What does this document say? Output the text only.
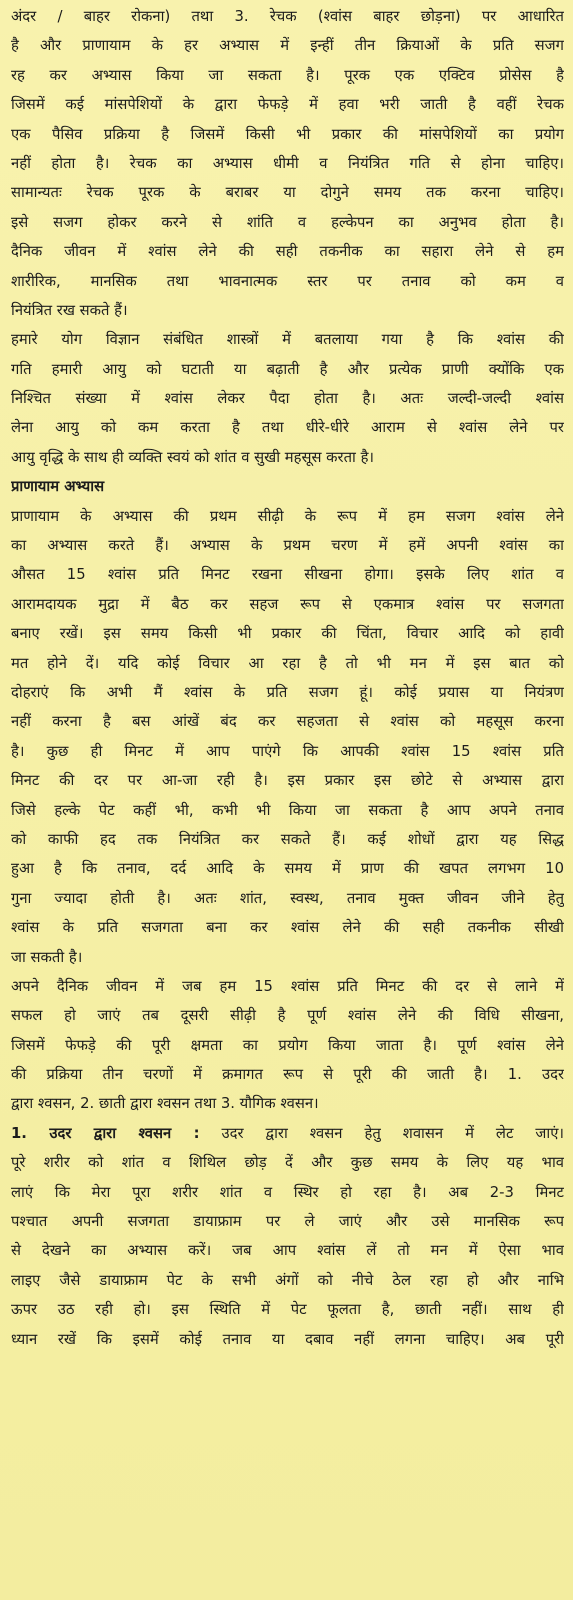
अंदर / बाहर रोकना) तथा 3. रेचक (श्वांस बाहर छोड़ना) पर आधारित
है और प्राणायाम के हर अभ्यास में इन्हीं तीन क्रियाओं के प्रति सजग
रह कर अभ्यास किया जा सकता है। पूरक एक एक्टिव प्रोसेस है
जिसमें कई मांसपेशियों के द्वारा फेफड़े में हवा भरी जाती है वहीं रेचक
एक पैसिव प्रक्रिया है जिसमें किसी भी प्रकार की मांसपेशियों का प्रयोग
नहीं होता है। रेचक का अभ्यास धीमी व नियंत्रित गति से होना चाहिए।
सामान्यतः रेचक पूरक के बराबर या दोगुने समय तक करना चाहिए।
इसे सजग होकर करने से शांति व हल्केपन का अनुभव होता है।
दैनिक जीवन में श्वांस लेने की सही तकनीक का सहारा लेने से हम
शारीरिक, मानसिक तथा भावनात्मक स्तर पर तनाव को कम व
नियंत्रित रख सकते हैं।
हमारे योग विज्ञान संबंधित शास्त्रों में बतलाया गया है कि श्वांस की
गति हमारी आयु को घटाती या बढ़ाती है और प्रत्येक प्राणी क्योंकि एक
निश्चित संख्या में श्वांस लेकर पैदा होता है। अतः जल्दी-जल्दी श्वांस
लेना आयु को कम करता है तथा धीरे-धीरे आराम से श्वांस लेने पर
आयु वृद्धि के साथ ही व्यक्ति स्वयं को शांत व सुखी महसूस करता है।
प्राणायाम अभ्यास
प्राणायाम के अभ्यास की प्रथम सीढ़ी के रूप में हम सजग श्वांस लेने
का अभ्यास करते हैं। अभ्यास के प्रथम चरण में हमें अपनी श्वांस का
औसत 15 श्वांस प्रति मिनट रखना सीखना होगा। इसके लिए शांत व
आरामदायक मुद्रा में बैठ कर सहज रूप से एकमात्र श्वांस पर सजगता
बनाए रखें। इस समय किसी भी प्रकार की चिंता, विचार आदि को हावी
मत होने दें। यदि कोई विचार आ रहा है तो भी मन में इस बात को
दोहराएं कि अभी मैं श्वांस के प्रति सजग हूं। कोई प्रयास या नियंत्रण
नहीं करना है बस आंखें बंद कर सहजता से श्वांस को महसूस करना
है। कुछ ही मिनट में आप पाएंगे कि आपकी श्वांस 15 श्वांस प्रति
मिनट की दर पर आ-जा रही है। इस प्रकार इस छोटे से अभ्यास द्वारा
जिसे हल्के पेट कहीं भी, कभी भी किया जा सकता है आप अपने तनाव
को काफी हद तक नियंत्रित कर सकते हैं। कई शोधों द्वारा यह सिद्ध
हुआ है कि तनाव, दर्द आदि के समय में प्राण की खपत लगभग 10
गुना ज्यादा होती है। अतः शांत, स्वस्थ, तनाव मुक्त जीवन जीने हेतु
श्वांस के प्रति सजगता बना कर श्वांस लेने की सही तकनीक सीखी
जा सकती है।
अपने दैनिक जीवन में जब हम 15 श्वांस प्रति मिनट की दर से लाने में
सफल हो जाएं तब दूसरी सीढ़ी है पूर्ण श्वांस लेने की विधि सीखना,
जिसमें फेफड़े की पूरी क्षमता का प्रयोग किया जाता है। पूर्ण श्वांस लेने
की प्रक्रिया तीन चरणों में क्रमागत रूप से पूरी की जाती है। 1. उदर
द्वारा श्वसन, 2. छाती द्वारा श्वसन तथा 3. यौगिक श्वसन।
1. उदर द्वारा श्वसन : उदर द्वारा श्वसन हेतु शवासन में लेट जाएं।
पूरे शरीर को शांत व शिथिल छोड़ दें और कुछ समय के लिए यह भाव
लाएं कि मेरा पूरा शरीर शांत व स्थिर हो रहा है। अब 2-3 मिनट
पश्चात अपनी सजगता डायाफ्राम पर ले जाएं और उसे मानसिक रूप
से देखने का अभ्यास करें। जब आप श्वांस लें तो मन में ऐसा भाव
लाइए जैसे डायाफ्राम पेट के सभी अंगों को नीचे ठेल रहा हो और नाभि
ऊपर उठ रही हो। इस स्थिति में पेट फूलता है, छाती नहीं। साथ ही
ध्यान रखें कि इसमें कोई तनाव या दबाव नहीं लगना चाहिए। अब पूरी
